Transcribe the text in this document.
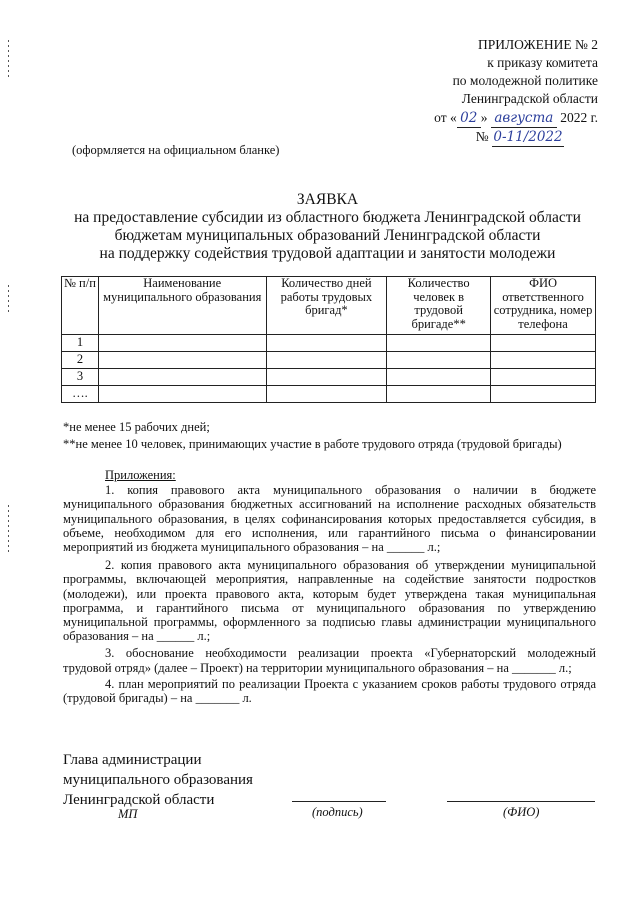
ПРИЛОЖЕНИЕ № 2
к приказу комитета
по молодежной политике
Ленинградской области
от « 02 » августа 2022 г.
№ 0-11/2022
(оформляется на официальном бланке)
ЗАЯВКА
на предоставление субсидии из областного бюджета Ленинградской области
бюджетам муниципальных образований Ленинградской области
на поддержку содействия трудовой адаптации и занятости молодежи
№ п/п	Наименование муниципального образования	Количество дней работы трудовых бригад*	Количество человек в трудовой бригаде**	ФИО ответственного сотрудника, номер телефона
1				
2				
3				
….				
*не менее 15 рабочих дней;
**не менее 10 человек, принимающих участие в работе трудового отряда (трудовой бригады)
Приложения:
1. копия правового акта муниципального образования о наличии в бюджете муниципального образования бюджетных ассигнований на исполнение расходных обязательств муниципального образования, в целях софинансирования которых предоставляется субсидия, в объеме, необходимом для его исполнения, или гарантийного письма о финансировании мероприятий из бюджета муниципального образования – на ______ л.;
2. копия правового акта муниципального образования об утверждении муниципальной программы, включающей мероприятия, направленные на содействие занятости подростков (молодежи), или проекта правового акта, которым будет утверждена такая муниципальная программа, и гарантийного письма от муниципального образования по утверждению муниципальной программы, оформленного за подписью главы администрации муниципального образования – на ______ л.;
3. обоснование необходимости реализации проекта «Губернаторский молодежный трудовой отряд» (далее – Проект) на территории муниципального образования – на _______ л.;
4. план мероприятий по реализации Проекта с указанием сроков работы трудового отряда (трудовой бригады) – на _______ л.
Глава администрации
муниципального образования
Ленинградской области
МП	(подпись)	(ФИО)
